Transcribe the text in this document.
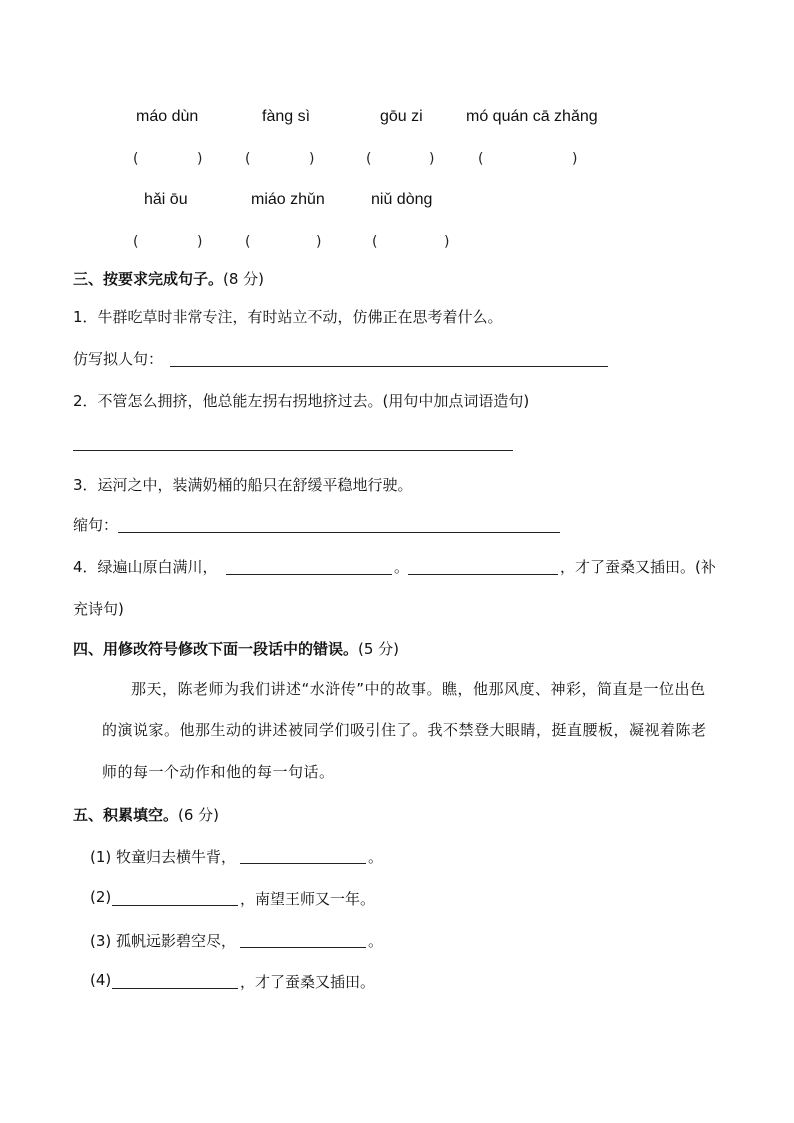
máo dùn	fàng sì	gōu zi	mó quán cā zhǎng
(	)	(	)	(	)	(	)
hǎi ōu	miáo zhǔn	niǔ dòng
(	)	(	)	(	)
三、按要求完成句子。(8 分)
1．牛群吃草时非常专注，有时站立不动，仿佛正在思考着什么。
仿写拟人句：
2．不管怎么拥挤，他总能左拐右拐地挤过去。(用句中加点词语造句)
3．运河之中，装满奶桶的船只在舒缓平稳地行驶。
缩句：
4．绿遍山原白满川，	。	，才了蚕桑又插田。(补
充诗句)
四、用修改符号修改下面一段话中的错误。(5 分)
那天，陈老师为我们讲述“水浒传”中的故事。瞧，他那风度、神彩，简直是一位出色
的演说家。他那生动的讲述被同学们吸引住了。我不禁登大眼睛，挺直腰板，凝视着陈老
师的每一个动作和他的每一句话。
五、积累填空。(6 分)
(1) 牧童归去横牛背，	。
(2)	，南望王师又一年。
(3) 孤帆远影碧空尽，	。
(4)	，才了蚕桑又插田。
